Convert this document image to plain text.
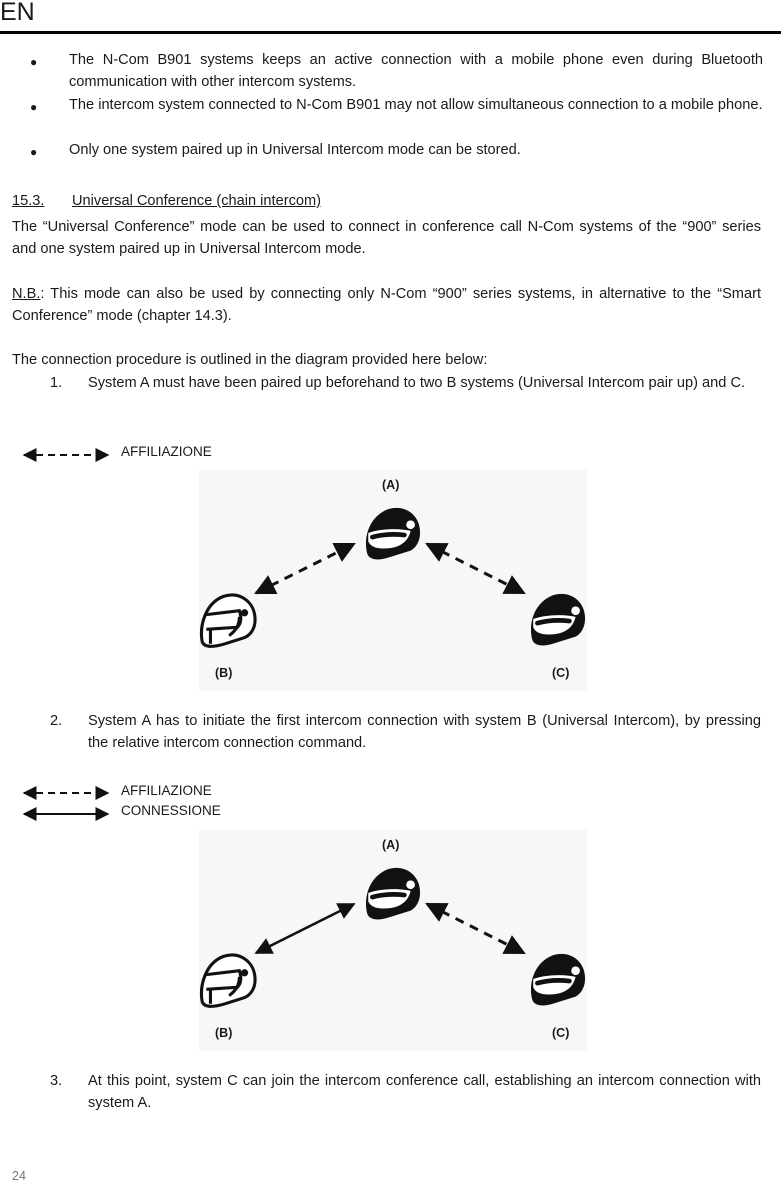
EN
● The N-Com B901 systems keeps an active connection with a mobile phone even during Bluetooth communication with other intercom systems.
● The intercom system connected to N-Com B901 may not allow simultaneous connection to a mobile phone.
● Only one system paired up in Universal Intercom mode can be stored.
15.3. Universal Conference (chain intercom)
The “Universal Conference” mode can be used to connect in conference call N-Com systems of the “900” series and one system paired up in Universal Intercom mode.
N.B.: This mode can also be used by connecting only N-Com “900” series systems, in alternative to the “Smart Conference” mode (chapter 14.3).
The connection procedure is outlined in the diagram provided here below:
1. System A must have been paired up beforehand to two B systems (Universal Intercom pair up) and C.
AFFILIAZIONE
(A)
(B)	(C)
2. System A has to initiate the first intercom connection with system B (Universal Intercom), by pressing the relative intercom connection command.
AFFILIAZIONE
CONNESSIONE
(A)
(B)	(C)
3. At this point, system C can join the intercom conference call, establishing an intercom connection with system A.
24
